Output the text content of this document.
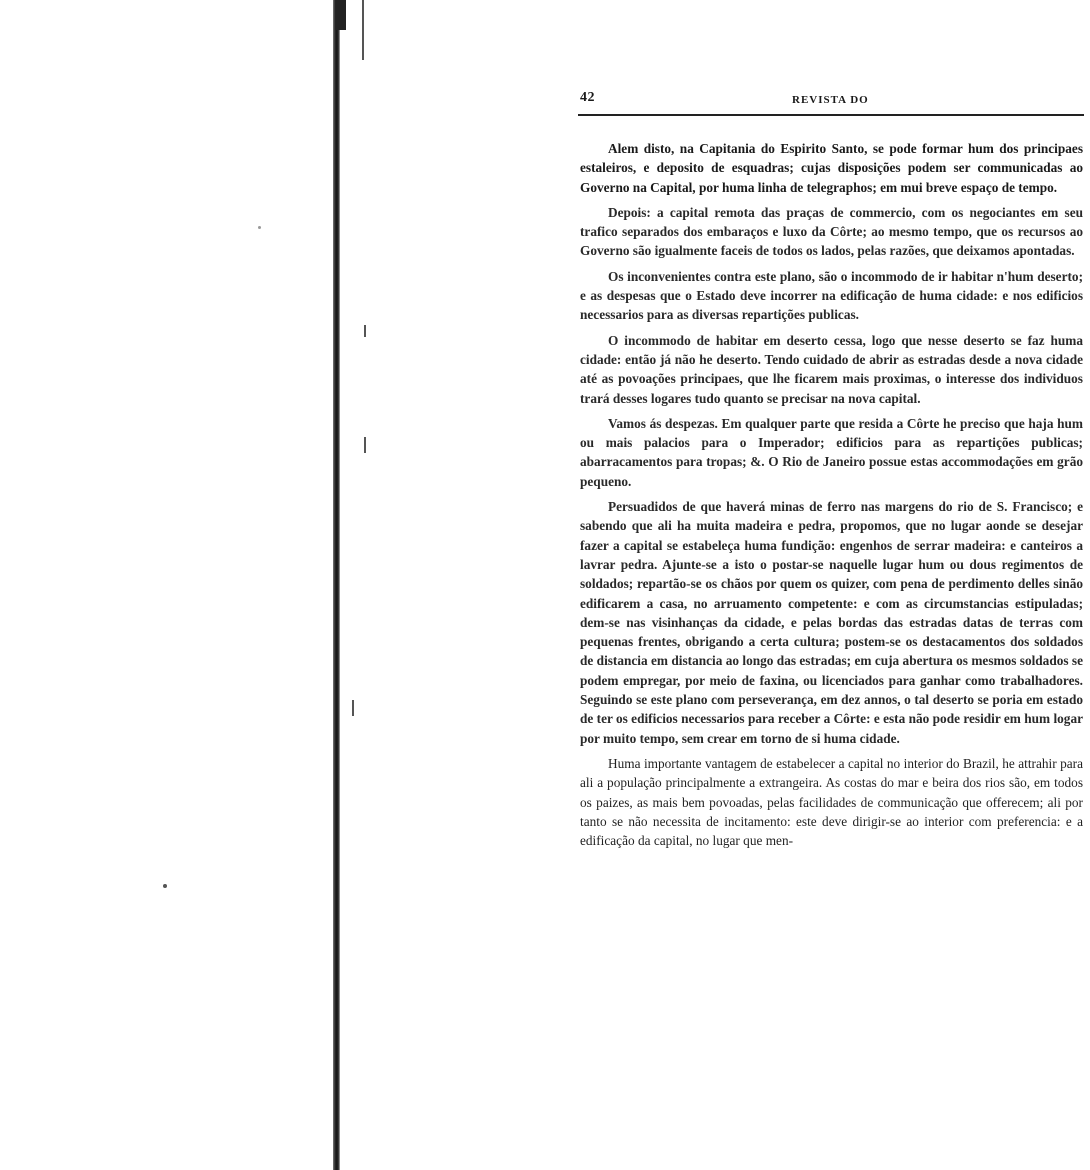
42	REVISTA DO

Alem disto, na Capitania do Espirito Santo, se pode formar hum dos principaes estaleiros, e deposito de esquadras; cujas disposições podem ser communicadas ao Governo na Capital, por huma linha de telegraphos; em mui breve espaço de tempo.

Depois: a capital remota das praças de commercio, com os negociantes em seu trafico separados dos embaraços e luxo da Côrte; ao mesmo tempo, que os recursos ao Governo são igualmente faceis de todos os lados, pelas razões, que deixamos apontadas.

Os inconvenientes contra este plano, são o incommodo de ir habitar n'hum deserto; e as despesas que o Estado deve incorrer na edificação de huma cidade: e nos edificios necessarios para as diversas repartições publicas.

O incommodo de habitar em deserto cessa, logo que nesse deserto se faz huma cidade: então já não he deserto. Tendo cuidado de abrir as estradas desde a nova cidade até as povoações principaes, que lhe ficarem mais proximas, o interesse dos individuos trará desses logares tudo quanto se precisar na nova capital.

Vamos ás despezas. Em qualquer parte que resida a Côrte he preciso que haja hum ou mais palacios para o Imperador; edificios para as repartições publicas; abarracamentos para tropas; &. O Rio de Janeiro possue estas accommodações em grão pequeno.

Persuadidos de que haverá minas de ferro nas margens do rio de S. Francisco; e sabendo que ali ha muita madeira e pedra, propomos, que no lugar aonde se desejar fazer a capital se estabeleça huma fundição: engenhos de serrar madeira: e canteiros a lavrar pedra. Ajunte-se a isto o postar-se naquelle lugar hum ou dous regimentos de soldados; repartão-se os chãos por quem os quizer, com pena de perdimento delles sinão edificarem a casa, no arruamento competente: e com as circumstancias estipuladas; dem-se nas visinhanças da cidade, e pelas bordas das estradas datas de terras com pequenas frentes, obrigando a certa cultura; postem-se os destacamentos dos soldados de distancia em distancia ao longo das estradas; em cuja abertura os mesmos soldados se podem empregar, por meio de faxina, ou licenciados para ganhar como trabalhadores. Seguindo se este plano com perseverança, em dez annos, o tal deserto se poria em estado de ter os edificios necessarios para receber a Côrte: e esta não pode residir em hum logar por muito tempo, sem crear em torno de si huma cidade.

Huma importante vantagem de estabelecer a capital no interior do Brazil, he attrahir para ali a população principalmente a extrangeira. As costas do mar e beira dos rios são, em todos os paizes, as mais bem povoadas, pelas facilidades de communicação que offerecem; ali por tanto se não necessita de incitamento: este deve dirigir-se ao interior com preferencia: e a edificação da capital, no lugar que men-
